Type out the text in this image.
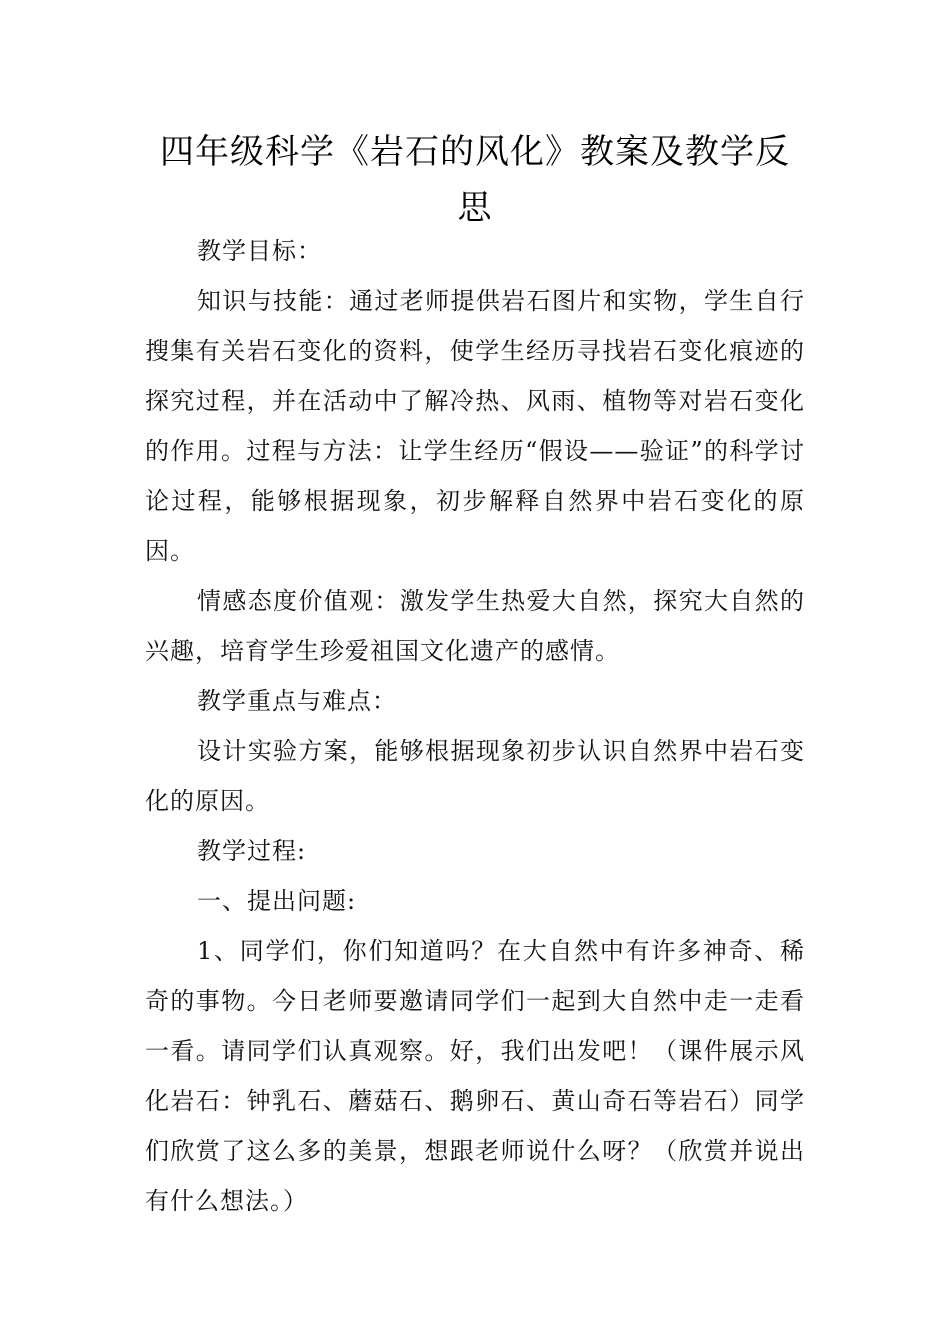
四年级科学《岩石的风化》教案及教学反思

教学目标：

知识与技能：通过老师提供岩石图片和实物，学生自行搜集有关岩石变化的资料，使学生经历寻找岩石变化痕迹的探究过程，并在活动中了解冷热、风雨、植物等对岩石变化的作用。过程与方法：让学生经历“假设——验证”的科学讨论过程，能够根据现象，初步解释自然界中岩石变化的原因。

情感态度价值观：激发学生热爱大自然，探究大自然的兴趣，培育学生珍爱祖国文化遗产的感情。

教学重点与难点：

设计实验方案，能够根据现象初步认识自然界中岩石变化的原因。

教学过程:

一、提出问题:

1、同学们，你们知道吗？在大自然中有许多神奇、稀奇的事物。今日老师要邀请同学们一起到大自然中走一走看一看。请同学们认真观察。好，我们出发吧！（课件展示风化岩石：钟乳石、蘑菇石、鹅卵石、黄山奇石等岩石）同学们欣赏了这么多的美景，想跟老师说什么呀？（欣赏并说出有什么想法。）
